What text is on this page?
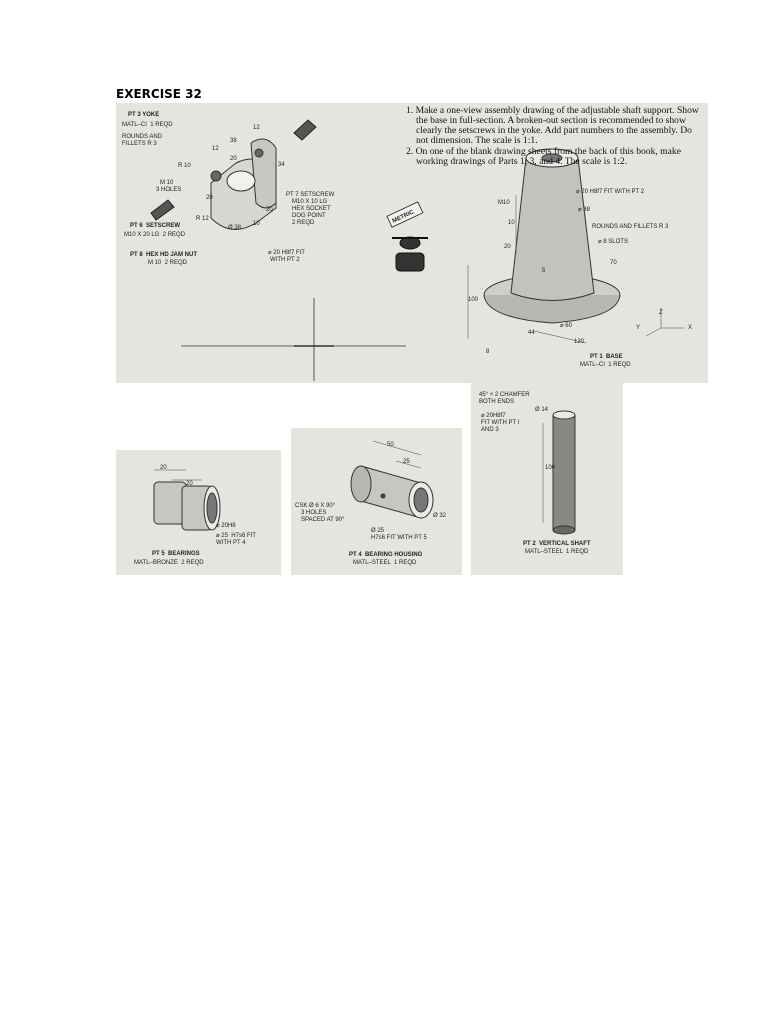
EXERCISE 32
PT 3 YOKE
MATL–CI  1 REQD
ROUNDS AND
FILLETS R 3	38
12
12
20
34
R 10
M 10
3 HOLES
20
20
R 12
Ø 38
10
⌀ 20 H8f7 FIT
WITH PT 2
PT 7 SETSCREW
M10 X 10 LG
HEX SOCKET
DOG POINT
2 REQD
PT 6  SETSCREW
M10 X 20 LG  2 REQD
PT 8  HEX HD JAM NUT
M 10  2 REQD
METRIC

1. Make a one-view assembly drawing of the adjustable shaft support. Show the base in full-section. A broken-out section is recommended to show clearly the setscrews in the yoke. Add part numbers to the assembly. Do not dimension. The scale is 1:1.

2. On one of the blank drawing sheets from the back of this book, make working drawings of Parts 1, 3, and 4. The scale is 1:2.

⌀ 20 H8f7 FIT WITH PT 2
M10
⌀ 38
ROUNDS AND FILLETS R 3
⌀ 8 SLOTS
10
20
5
70
100
44
⌀ 60
120
8
Z
Y	X
PT 1  BASE
MATL–CI  1 REQD
20
20
⌀ 20H8
⌀ 25  H7s6 FIT
WITH PT 4
PT 5  BEARINGS
MATL–BRONZE  2 REQD
50
25
CSK Ø 6 X 90°
3 HOLES
SPACED AT 90°
Ø 32
Ø 25
H7s6 FIT WITH PT 5
PT 4  BEARING HOUSING
MATL–STEEL  1 REQD
45° × 2 CHAMFER
BOTH ENDS
Ø 14
⌀ 20H8f7
FIT WITH PT I
AND 3
100
PT 2  VERTICAL SHAFT
MATL–STEEL  1 REQD
